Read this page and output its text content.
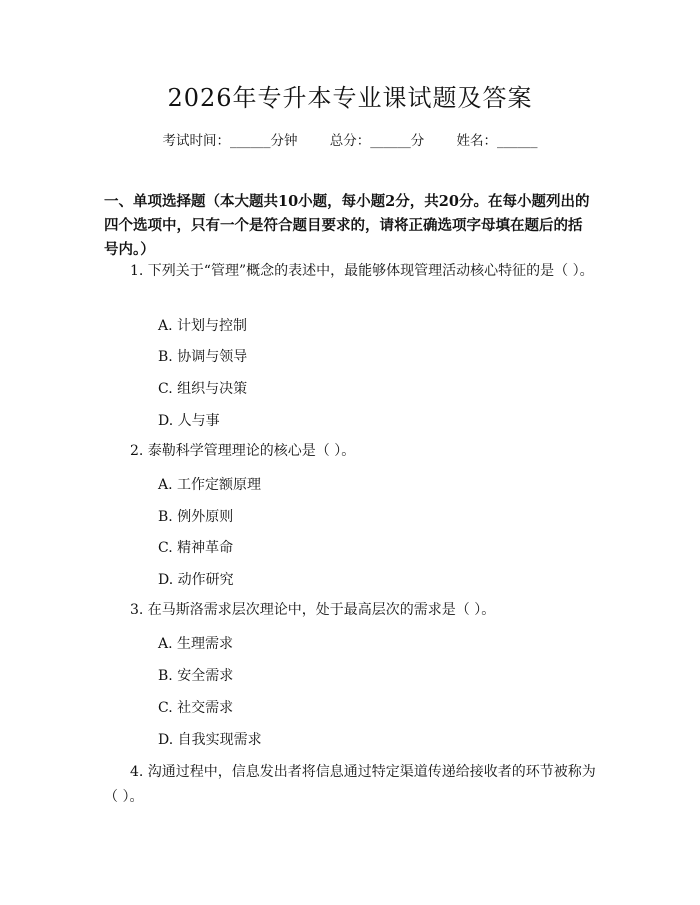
2026年专升本专业课试题及答案
考试时间：______分钟 总分：______分 姓名：______
一、单项选择题（本大题共10小题，每小题2分，共20分。在每小题列出的四个选项中，只有一个是符合题目要求的，请将正确选项字母填在题后的括号内。）
1. 下列关于“管理”概念的表述中，最能够体现管理活动核心特征的是（ ）。
A. 计划与控制
B. 协调与领导
C. 组织与决策
D. 人与事
2. 泰勒科学管理理论的核心是（ ）。
A. 工作定额原理
B. 例外原则
C. 精神革命
D. 动作研究
3. 在马斯洛需求层次理论中，处于最高层次的需求是（ ）。
A. 生理需求
B. 安全需求
C. 社交需求
D. 自我实现需求
4. 沟通过程中，信息发出者将信息通过特定渠道传递给接收者的环节被称为（ ）。
